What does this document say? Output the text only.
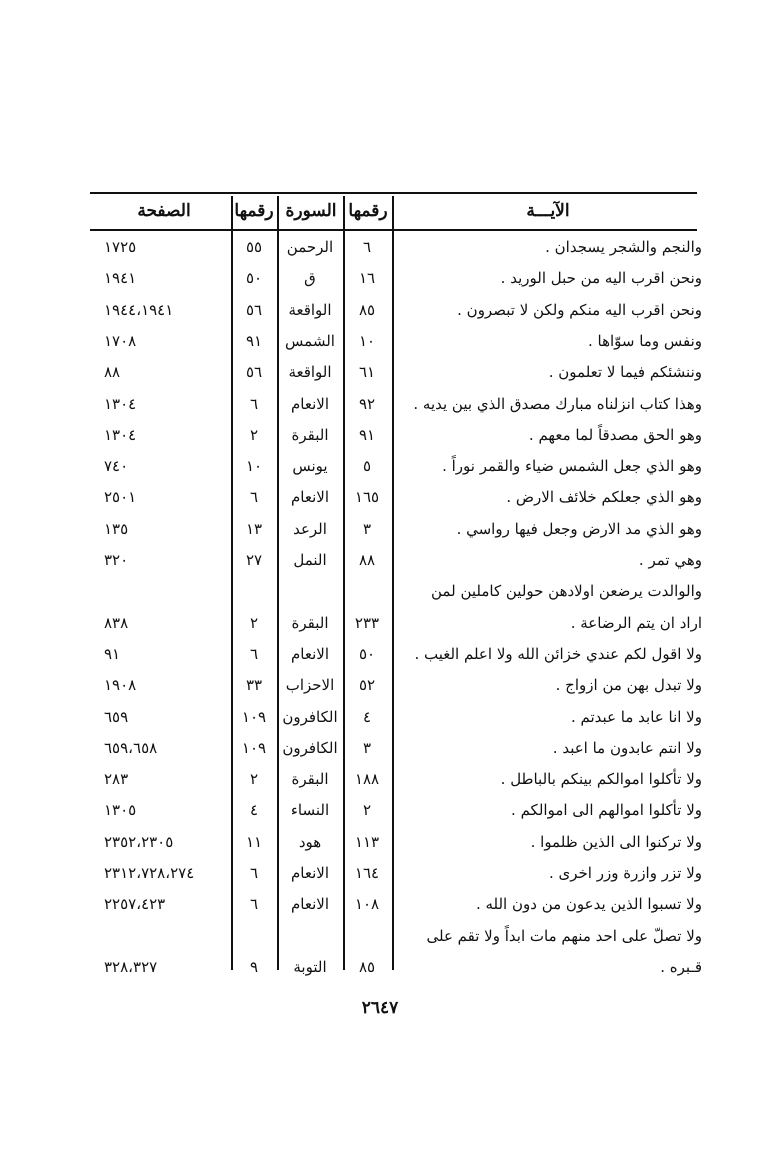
الآيـــة
رقمها
السورة
رقمها
الصفحة
والنجم والشجر يسجدان .
٦
الرحمن
٥٥
١٧٢٥
ونحن اقرب اليه من حبل الوريد .
١٦
ق
٥٠
١٩٤١
ونحن اقرب اليه منكم ولكن لا تبصرون .
٨٥
الواقعة
٥٦
١٩٤٤،١٩٤١
ونفس وما سوّاها .
١٠
الشمس
٩١
١٧٠٨
وننشئكم فيما لا تعلمون .
٦١
الواقعة
٥٦
٨٨
وهذا كتاب انزلناه مبارك مصدق الذي بين يديه .
٩٢
الانعام
٦
١٣٠٤
وهو الحق مصدقاً لما معهم .
٩١
البقرة
٢
١٣٠٤
وهو الذي جعل الشمس ضياء والقمر نوراً .
٥
يونس
١٠
٧٤٠
وهو الذي جعلكم خلائف الارض .
١٦٥
الانعام
٦
٢٥٠١
وهو الذي مد الارض وجعل فيها رواسي .
٣
الرعد
١٣
١٣٥
وهي تمر .
٨٨
النمل
٢٧
٣٢٠
والوالدت يرضعن اولادهن حولين كاملين لمن
اراد ان يتم الرضاعة .
٢٣٣
البقرة
٢
٨٣٨
ولا اقول لكم عندي خزائن الله ولا اعلم الغيب .
٥٠
الانعام
٦
٩١
ولا تبدل بهن من ازواج .
٥٢
الاحزاب
٣٣
١٩٠٨
ولا انا عابد ما عبدتم .
٤
الكافرون
١٠٩
٦٥٩
ولا انتم عابدون ما اعبد .
٣
الكافرون
١٠٩
٦٥٩،٦٥٨
ولا تأكلوا اموالكم بينكم بالباطل .
١٨٨
البقرة
٢
٢٨٣
ولا تأكلوا اموالهم الى اموالكم .
٢
النساء
٤
١٣٠٥
ولا تركنوا الى الذين ظلموا .
١١٣
هود
١١
٢٣٥٢،٢٣٠٥
ولا تزر وازرة وزر اخرى .
١٦٤
الانعام
٦
٢٣١٢،٧٢٨،٢٧٤
ولا تسبوا الذين يدعون من دون الله .
١٠٨
الانعام
٦
٢٢٥٧،٤٢٣
ولا تصلّ على احد منهم مات ابداً ولا تقم على
قـبره .
٨٥
التوبة
٩
٣٢٨،٣٢٧
٢٦٤٧
